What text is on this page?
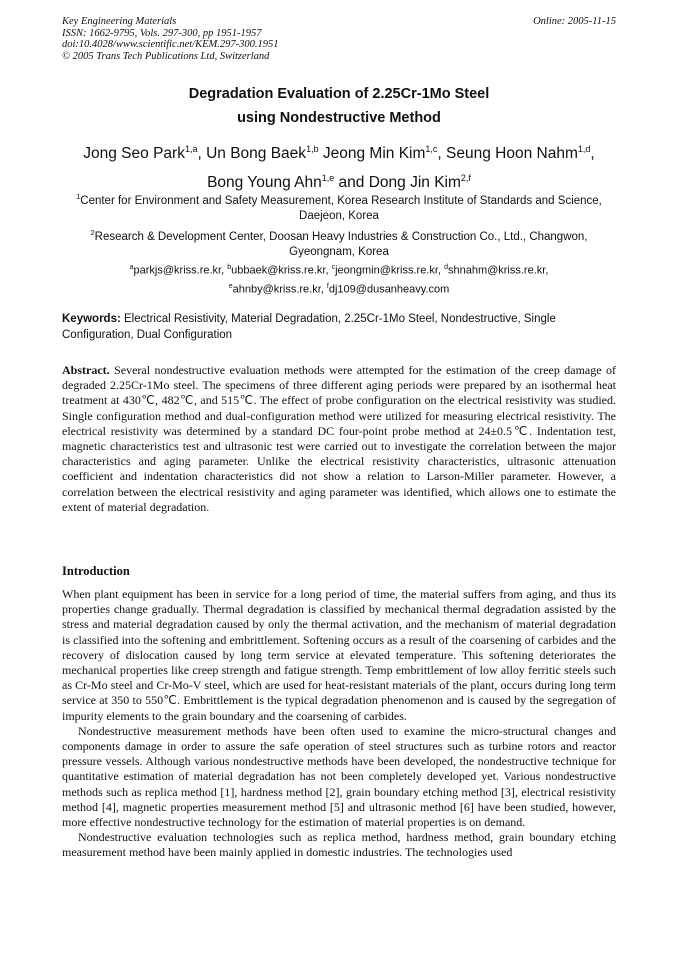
Key Engineering Materials
ISSN: 1662-9795, Vols. 297-300, pp 1951-1957
doi:10.4028/www.scientific.net/KEM.297-300.1951
© 2005 Trans Tech Publications Ltd, Switzerland
Online: 2005-11-15
Degradation Evaluation of 2.25Cr-1Mo Steel
using Nondestructive Method
Jong Seo Park$^{1,a}$, Un Bong Baek$^{1,b}$ Jeong Min Kim$^{1,c}$, Seung Hoon Nahm$^{1,d}$,
Bong Young Ahn$^{1,e}$ and Dong Jin Kim$^{2,f}$
$^1$Center for Environment and Safety Measurement, Korea Research Institute of Standards and Science, Daejeon, Korea
$^2$Research & Development Center, Doosan Heavy Industries & Construction Co., Ltd., Changwon, Gyeongnam, Korea
$^a$parkjs@kriss.re.kr, $^b$ubbaek@kriss.re.kr, $^c$jeongmin@kriss.re.kr, $^d$shnahm@kriss.re.kr,
$^e$ahnby@kriss.re.kr, $^f$dj109@dusanheavy.com
Keywords: Electrical Resistivity, Material Degradation, 2.25Cr-1Mo Steel, Nondestructive, Single Configuration, Dual Configuration
Abstract. Several nondestructive evaluation methods were attempted for the estimation of the creep damage of degraded 2.25Cr-1Mo steel. The specimens of three different aging periods were prepared by an isothermal heat treatment at 430℃, 482℃, and 515℃. The effect of probe configuration on the electrical resistivity was studied. Single configuration method and dual-configuration method were utilized for measuring electrical resistivity. The electrical resistivity was determined by a standard DC four-point probe method at 24±0.5℃. Indentation test, magnetic characteristics test and ultrasonic test were carried out to investigate the correlation between the major characteristics and aging parameter. Unlike the electrical resistivity characteristics, ultrasonic attenuation coefficient and indentation characteristics did not show a relation to Larson-Miller parameter. However, a correlation between the electrical resistivity and aging parameter was identified, which allows one to estimate the extent of material degradation.
Introduction

When plant equipment has been in service for a long period of time, the material suffers from aging, and thus its properties change gradually. Thermal degradation is classified by mechanical thermal degradation assisted by the stress and material degradation caused by only the thermal activation, and the mechanism of material degradation is classified into the softening and embrittlement. Softening occurs as a result of the coarsening of carbides and the recovery of dislocation caused by long term service at elevated temperature. This softening deteriorates the mechanical properties like creep strength and fatigue strength. Temp embrittlement of low alloy ferritic steels such as Cr-Mo steel and Cr-Mo-V steel, which are used for heat-resistant materials of the plant, occurs during long term service at 350 to 550℃. Embrittlement is the typical degradation phenomenon and is caused by the segregation of impurity elements to the grain boundary and the coarsening of carbides.

Nondestructive measurement methods have been often used to examine the micro-structural changes and components damage in order to assure the safe operation of steel structures such as turbine rotors and reactor pressure vessels. Although various nondestructive methods have been developed, the nondestructive technique for quantitative estimation of material degradation has not been completely developed yet. Various nondestructive methods such as replica method [1], hardness method [2], grain boundary etching method [3], electrical resistivity method [4], magnetic properties measurement method [5] and ultrasonic method [6] have been studied, however, more effective nondestructive technology for the estimation of material properties is on demand.

Nondestructive evaluation technologies such as replica method, hardness method, grain boundary etching measurement method have been mainly applied in domestic industries. The technologies used
